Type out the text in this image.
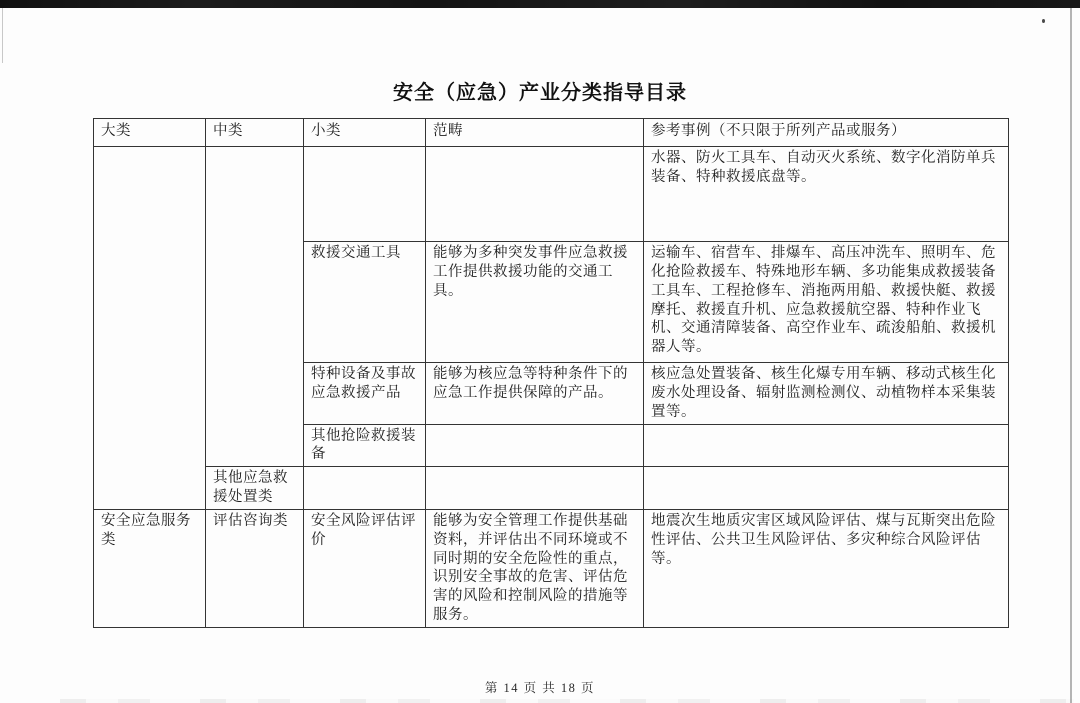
安全（应急）产业分类指导目录
大类	中类	小类	范畴	参考事例（不只限于所列产品或服务）
				水器、防火工具车、自动灭火系统、数字化消防单兵装备、特种救援底盘等。
		救援交通工具	能够为多种突发事件应急救援工作提供救援功能的交通工具。	运输车、宿营车、排爆车、高压冲洗车、照明车、危化抢险救援车、特殊地形车辆、多功能集成救援装备工具车、工程抢修车、消拖两用船、救援快艇、救援摩托、救援直升机、应急救援航空器、特种作业飞机、交通清障装备、高空作业车、疏浚船舶、救援机器人等。
		特种设备及事故应急救援产品	能够为核应急等特种条件下的应急工作提供保障的产品。	核应急处置装备、核生化爆专用车辆、移动式核生化废水处理设备、辐射监测检测仪、动植物样本采集装置等。
		其他抢险救援装备		
	其他应急救援处置类			
安全应急服务类	评估咨询类	安全风险评估评价	能够为安全管理工作提供基础资料，并评估出不同环境或不同时期的安全危险性的重点，识别安全事故的危害、评估危害的风险和控制风险的措施等服务。	地震次生地质灾害区域风险评估、煤与瓦斯突出危险性评估、公共卫生风险评估、多灾种综合风险评估等。
第 14 页 共 18 页
